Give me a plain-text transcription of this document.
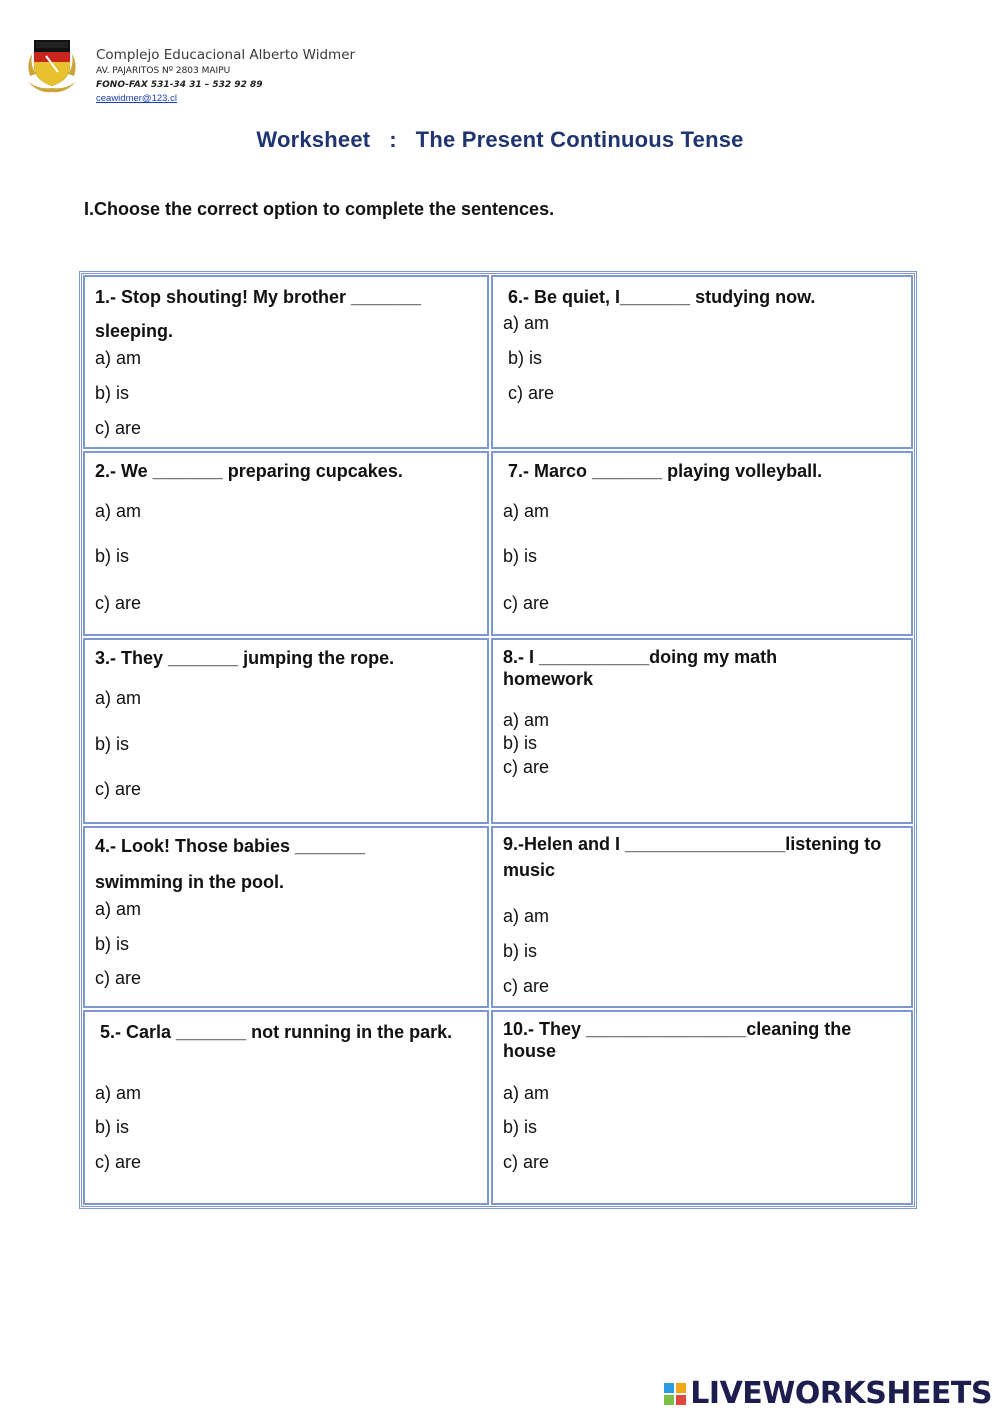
Complejo Educacional Alberto Widmer
AV. PAJARITOS Nº 2803 MAIPU
FONO-FAX 531-34 31 – 532 92 89
ceawidmer@123.cl
Worksheet   :   The Present Continuous Tense
I.Choose the correct option to complete the sentences.
1.- Stop shouting! My brother _______ sleeping.
a) am
b) is
c) are
6.- Be quiet, I_______ studying now.
a) am
b) is
c) are
2.- We _______ preparing cupcakes.
a) am
b) is
c) are
7.- Marco _______ playing volleyball.
a) am
b) is
c) are
3.- They _______ jumping the rope.
a) am
b) is
c) are
8.- I ___________doing my math homework
a) am
b) is
c) are
4.- Look! Those babies _______ swimming in the pool.
a) am
b) is
c) are
9.-Helen and I ________________listening to music
a) am
b) is
c) are
5.- Carla _______ not running in the park.
a) am
b) is
c) are
10.- They ________________cleaning the house
a) am
b) is
c) are
LIVEWORKSHEETS
